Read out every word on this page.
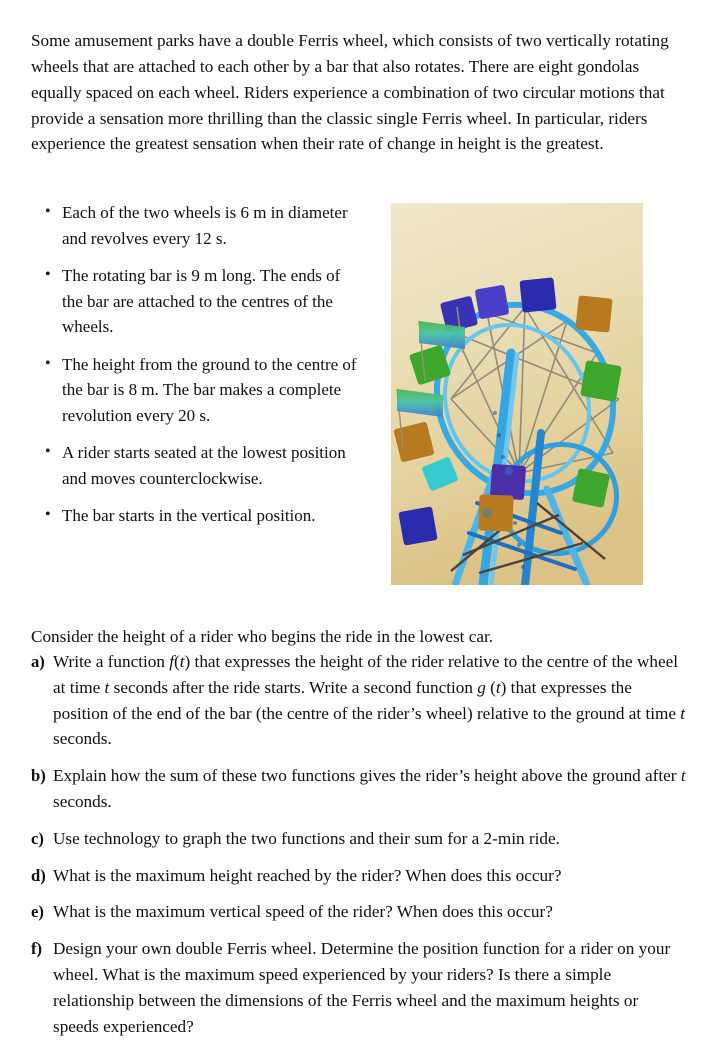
Some amusement parks have a double Ferris wheel, which consists of two vertically rotating wheels that are attached to each other by a bar that also rotates. There are eight gondolas equally spaced on each wheel. Riders experience a combination of two circular motions that provide a sensation more thrilling than the classic single Ferris wheel. In particular, riders experience the greatest sensation when their rate of change in height is the greatest.

• Each of the two wheels is 6 m in diameter and revolves every 12 s.
• The rotating bar is 9 m long. The ends of the bar are attached to the centres of the wheels.
• The height from the ground to the centre of the bar is 8 m. The bar makes a complete revolution every 20 s.
• A rider starts seated at the lowest position and moves counterclockwise.
• The bar starts in the vertical position.

Consider the height of a rider who begins the ride in the lowest car.

a) Write a function f(t) that expresses the height of the rider relative to the centre of the wheel at time t seconds after the ride starts. Write a second function g (t) that expresses the position of the end of the bar (the centre of the rider’s wheel) relative to the ground at time t seconds.
b) Explain how the sum of these two functions gives the rider’s height above the ground after t seconds.
c) Use technology to graph the two functions and their sum for a 2-min ride.
d) What is the maximum height reached by the rider? When does this occur?
e) What is the maximum vertical speed of the rider? When does this occur?
f) Design your own double Ferris wheel. Determine the position function for a rider on your wheel. What is the maximum speed experienced by your riders? Is there a simple relationship between the dimensions of the Ferris wheel and the maximum heights or speeds experienced?
